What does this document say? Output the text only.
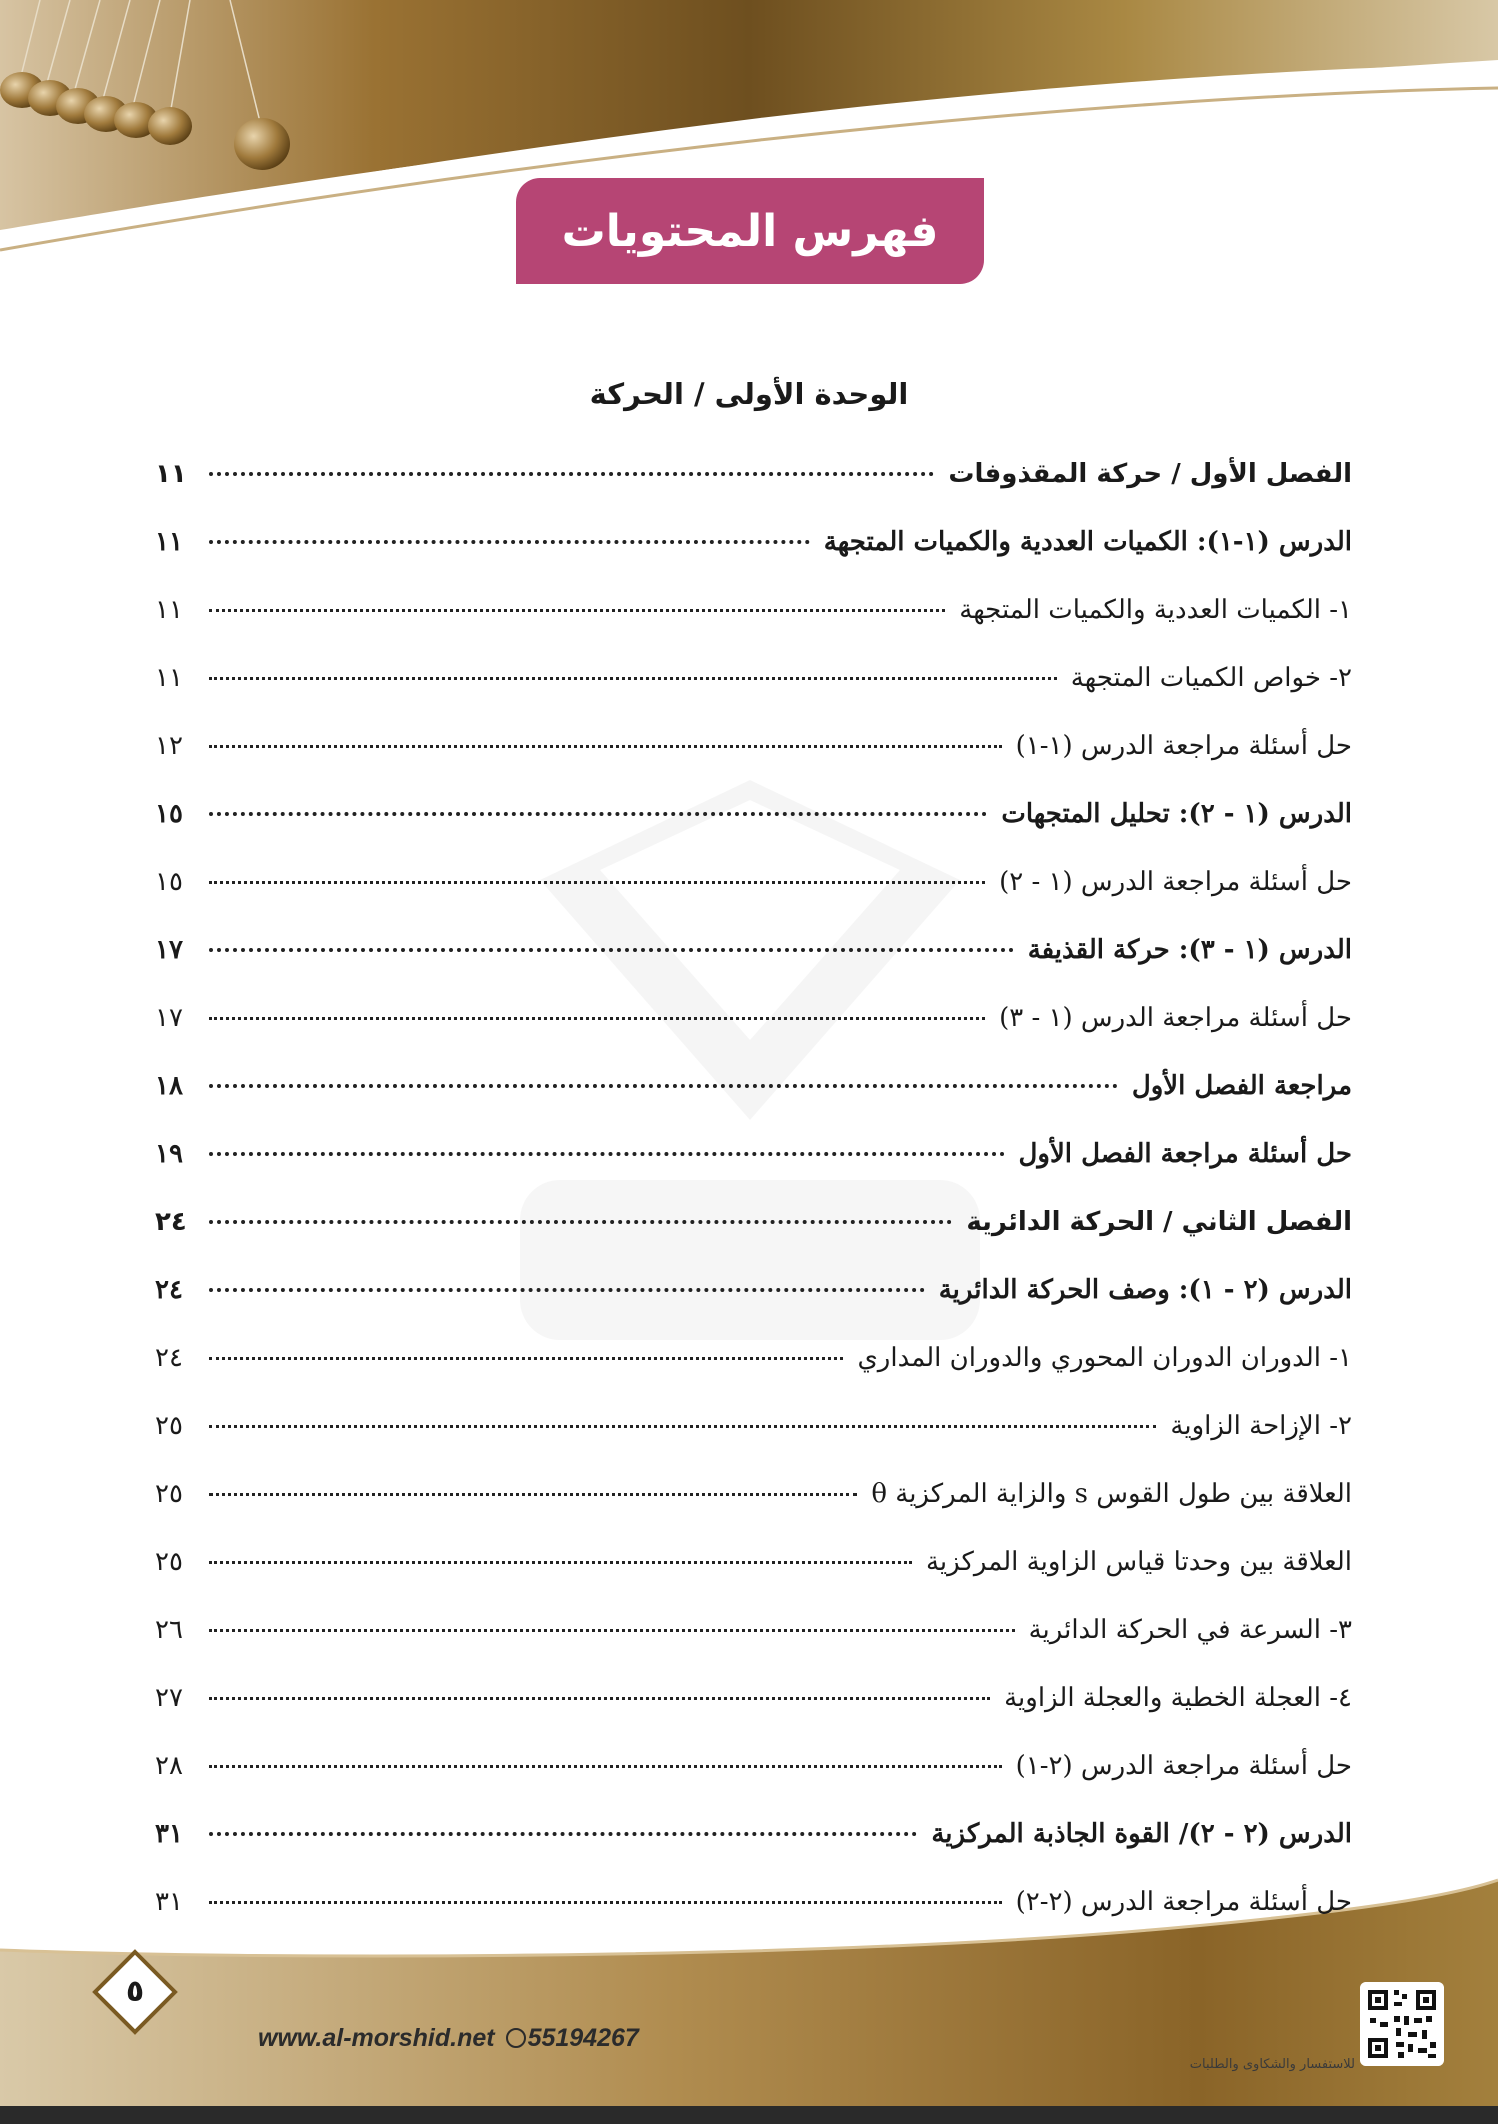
فهرس المحتويات
الوحدة الأولى / الحركة
الفصل الأول / حركة المقذوفات
١١
الدرس (١-١): الكميات العددية والكميات المتجهة
١١
١- الكميات العددية والكميات المتجهة
١١
٢- خواص الكميات المتجهة
١١
حل أسئلة مراجعة الدرس (١-١)
١٢
الدرس (١ - ٢): تحليل المتجهات
١٥
حل أسئلة مراجعة الدرس (١ - ٢)
١٥
الدرس (١ - ٣): حركة القذيفة
١٧
حل أسئلة مراجعة الدرس (١ - ٣)
١٧
مراجعة الفصل الأول
١٨
حل أسئلة مراجعة الفصل الأول
١٩
الفصل الثاني / الحركة الدائرية
٢٤
الدرس (٢ - ١): وصف الحركة الدائرية
٢٤
١- الدوران الدوران المحوري والدوران المداري
٢٤
٢- الإزاحة الزاوية
٢٥
العلاقة بين طول القوس s والزاية المركزية θ
٢٥
العلاقة بين وحدتا قياس الزاوية المركزية
٢٥
٣- السرعة في الحركة الدائرية
٢٦
٤- العجلة الخطية والعجلة الزاوية
٢٧
حل أسئلة مراجعة الدرس (٢-١)
٢٨
الدرس (٢ - ٢)/ القوة الجاذبة المركزية
٣١
حل أسئلة مراجعة الدرس (٢-٢)
٣١
٥
www.al-morshid.net 55194267
للاستفسار والشكاوى والطلبات
